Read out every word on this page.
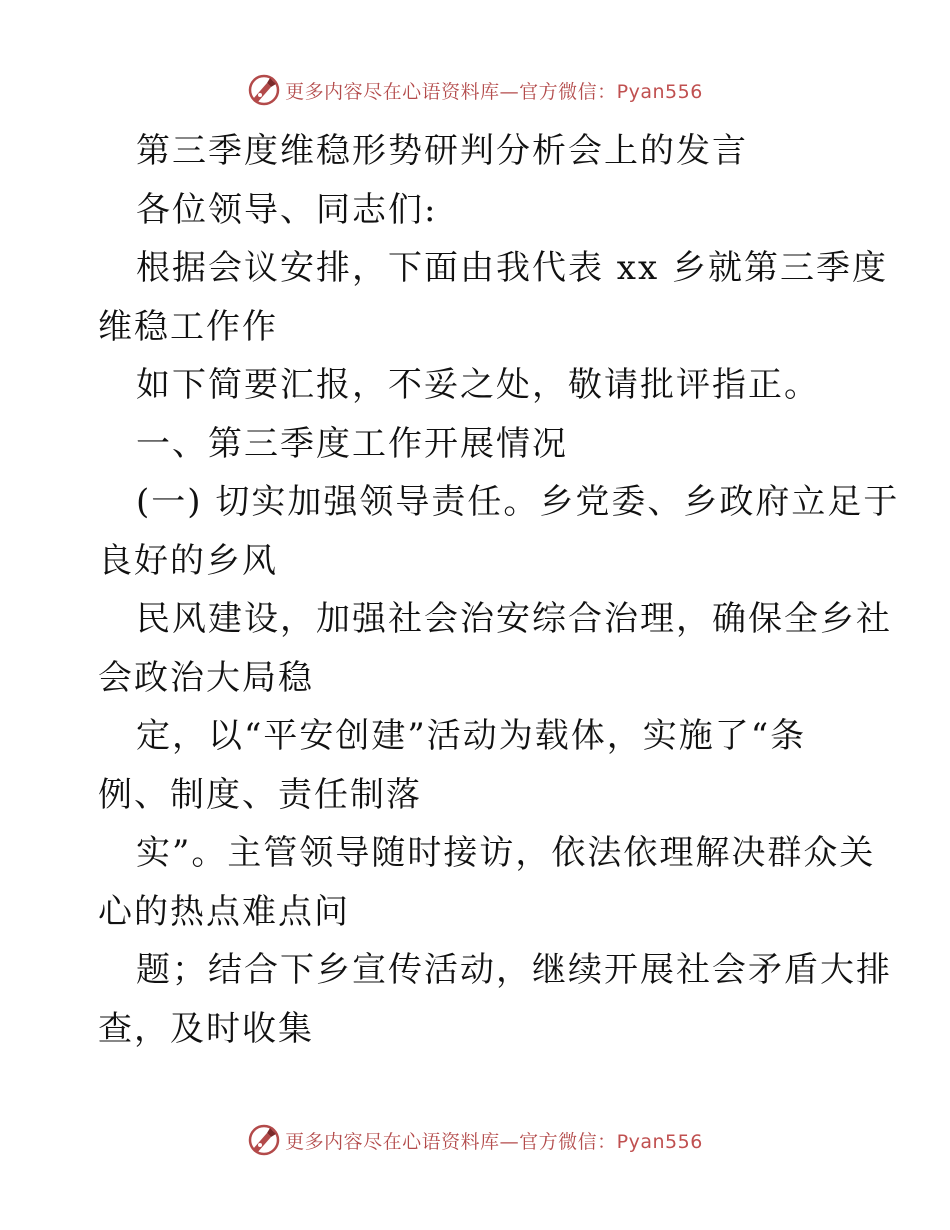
更多内容尽在心语资料库—官方微信：Pyan556
第三季度维稳形势研判分析会上的发言
各位领导、同志们:
根据会议安排，下面由我代表 xx 乡就第三季度
维稳工作作
如下简要汇报，不妥之处，敬请批评指正。
一、第三季度工作开展情况
(一) 切实加强领导责任。乡党委、乡政府立足于
良好的乡风
民风建设，加强社会治安综合治理，确保全乡社
会政治大局稳
定，以“平安创建”活动为载体，实施了“条
例、制度、责任制落
实”。主管领导随时接访，依法依理解决群众关
心的热点难点问
题；结合下乡宣传活动，继续开展社会矛盾大排
查，及时收集
更多内容尽在心语资料库—官方微信：Pyan556
